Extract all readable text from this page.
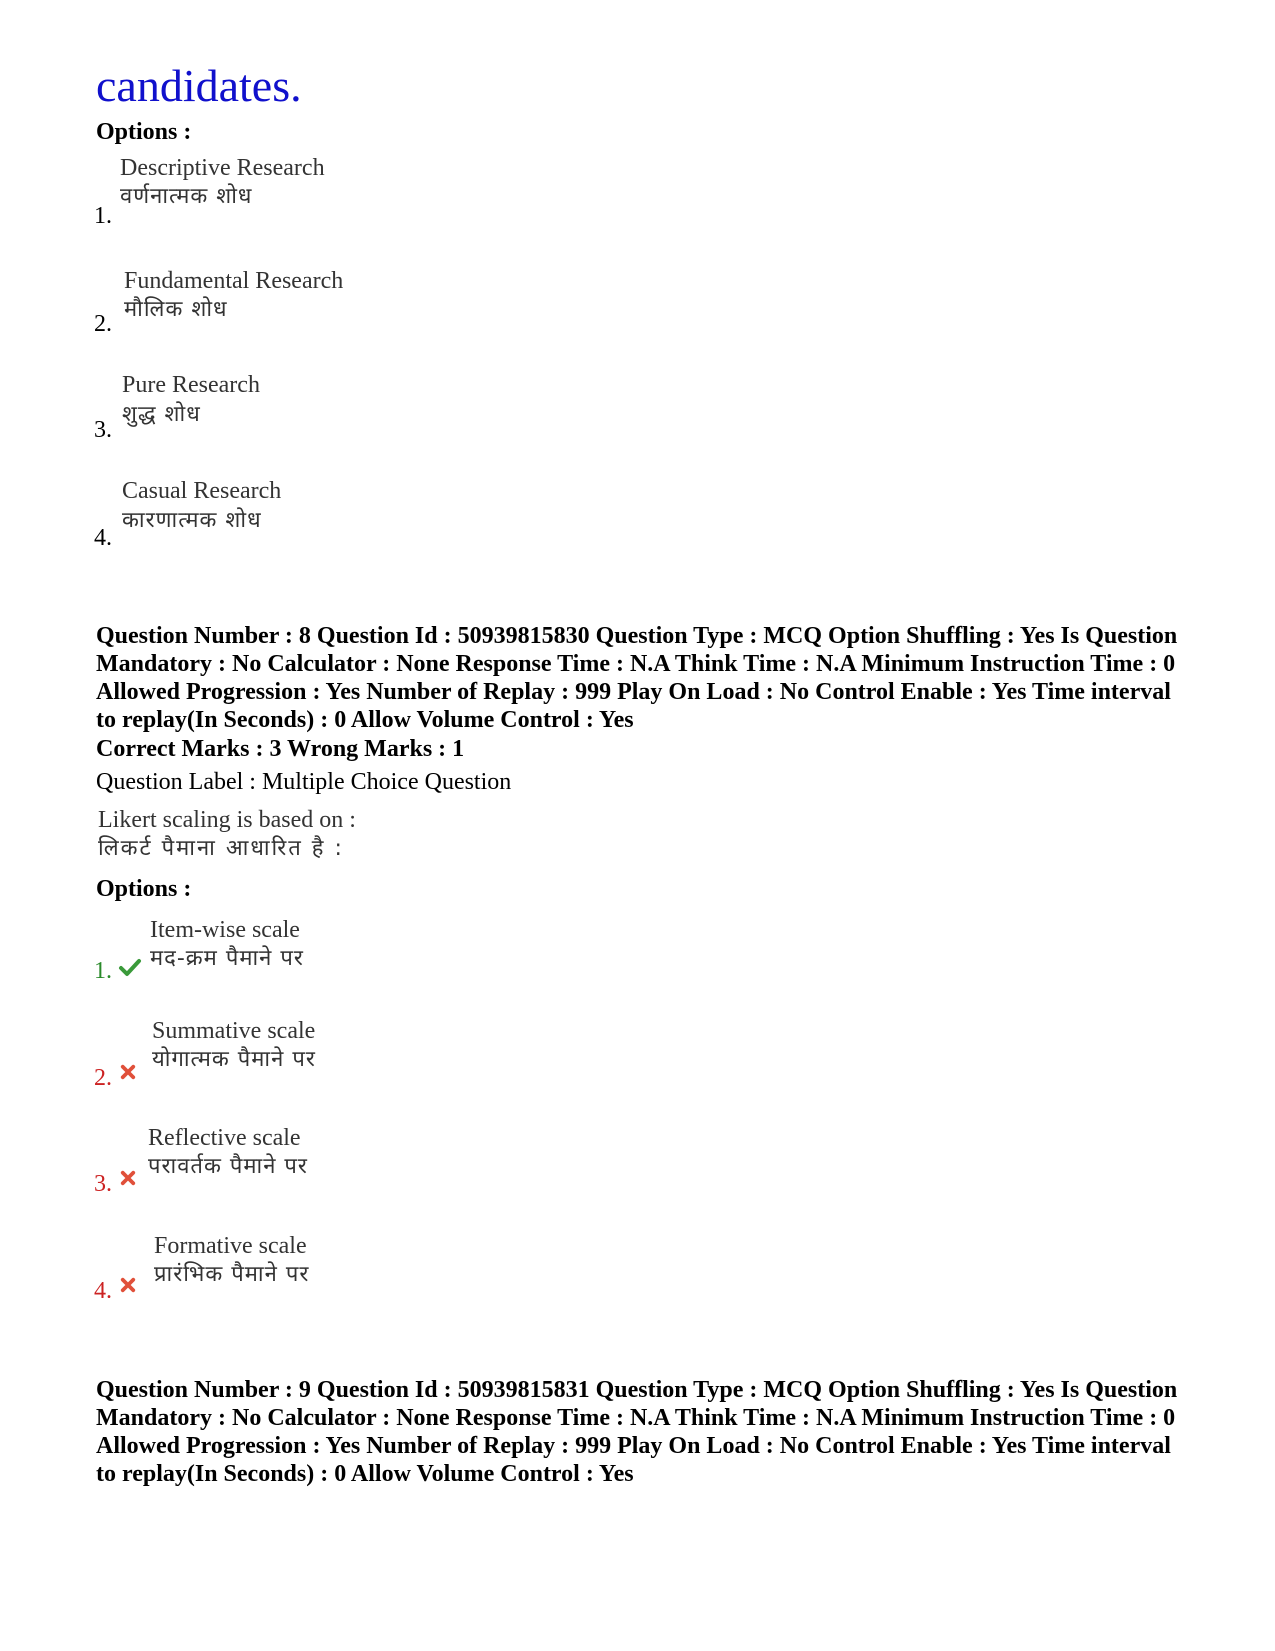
candidates.
Options :
1.
Descriptive Research
वर्णनात्मक शोध
2.
Fundamental Research
मौलिक शोध
3.
Pure Research
शुद्ध शोध
4.
Casual Research
कारणात्मक शोध
Question Number : 8 Question Id : 50939815830 Question Type : MCQ Option Shuffling : Yes Is Question Mandatory : No Calculator : None Response Time : N.A Think Time : N.A Minimum Instruction Time : 0 Allowed Progression : Yes Number of Replay : 999 Play On Load : No Control Enable : Yes Time interval to replay(In Seconds) : 0 Allow Volume Control : Yes
Correct Marks : 3 Wrong Marks : 1
Question Label : Multiple Choice Question
Likert scaling is based on :
लिकर्ट पैमाना आधारित है :
Options :
1.
Item-wise scale
मद-क्रम पैमाने पर
2.
Summative scale
योगात्मक पैमाने पर
3.
Reflective scale
परावर्तक पैमाने पर
4.
Formative scale
प्रारंभिक पैमाने पर
Question Number : 9 Question Id : 50939815831 Question Type : MCQ Option Shuffling : Yes Is Question Mandatory : No Calculator : None Response Time : N.A Think Time : N.A Minimum Instruction Time : 0 Allowed Progression : Yes Number of Replay : 999 Play On Load : No Control Enable : Yes Time interval to replay(In Seconds) : 0 Allow Volume Control : Yes
